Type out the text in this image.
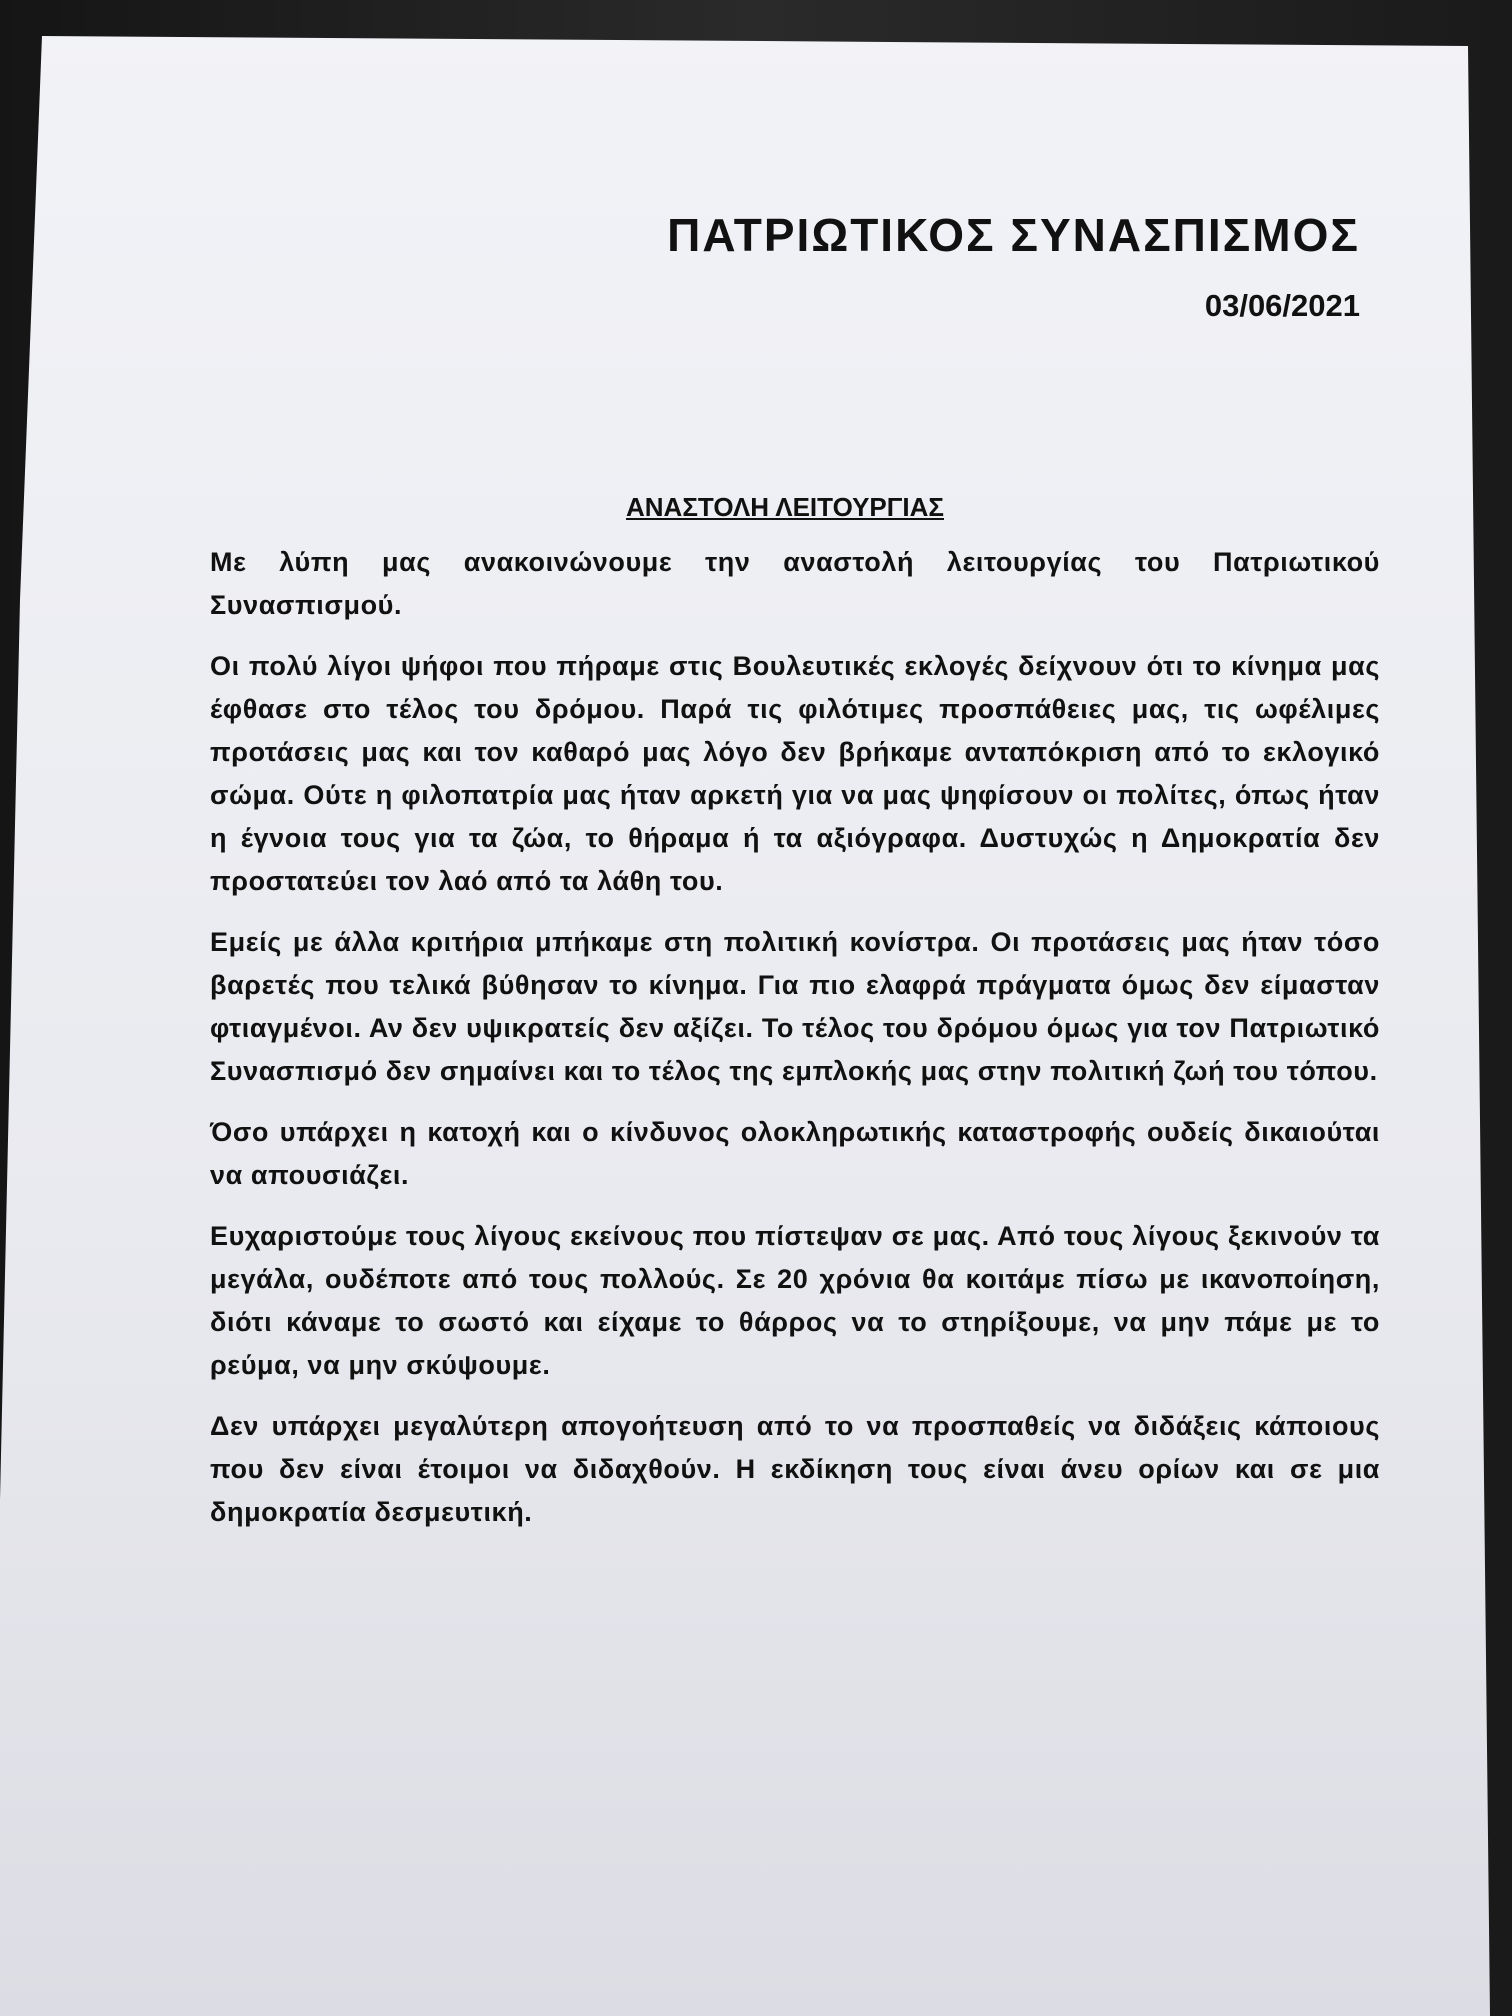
ΠΑΤΡΙΩΤΙΚΟΣ ΣΥΝΑΣΠΙΣΜΟΣ
03/06/2021
ΑΝΑΣΤΟΛΗ ΛΕΙΤΟΥΡΓΙΑΣ

Με λύπη μας ανακοινώνουμε την αναστολή λειτουργίας του Πατριωτικού Συνασπισμού.

Οι πολύ λίγοι ψήφοι που πήραμε στις Βουλευτικές εκλογές δείχνουν ότι το κίνημα μας έφθασε στο τέλος του δρόμου. Παρά τις φιλότιμες προσπάθειες μας, τις ωφέλιμες προτάσεις μας και τον καθαρό μας λόγο δεν βρήκαμε ανταπόκριση από το εκλογικό σώμα. Ούτε η φιλοπατρία μας ήταν αρκετή για να μας ψηφίσουν οι πολίτες, όπως ήταν η έγνοια τους για τα ζώα, το θήραμα ή τα αξιόγραφα. Δυστυχώς η Δημοκρατία δεν προστατεύει τον λαό από τα λάθη του.

Εμείς με άλλα κριτήρια μπήκαμε στη πολιτική κονίστρα. Οι προτάσεις μας ήταν τόσο βαρετές που τελικά βύθησαν το κίνημα. Για πιο ελαφρά πράγματα όμως δεν είμασταν φτιαγμένοι. Αν δεν υψικρατείς δεν αξίζει. Το τέλος του δρόμου όμως για τον Πατριωτικό Συνασπισμό δεν σημαίνει και το τέλος της εμπλοκής μας στην πολιτική ζωή του τόπου.

Όσο υπάρχει η κατοχή και ο κίνδυνος ολοκληρωτικής καταστροφής ουδείς δικαιούται να απουσιάζει.

Ευχαριστούμε τους λίγους εκείνους που πίστεψαν σε μας. Από τους λίγους ξεκινούν τα μεγάλα, ουδέποτε από τους πολλούς. Σε 20 χρόνια θα κοιτάμε πίσω με ικανοποίηση, διότι κάναμε το σωστό και είχαμε το θάρρος να το στηρίξουμε, να μην πάμε με το ρεύμα, να μην σκύψουμε.

Δεν υπάρχει μεγαλύτερη απογοήτευση από το να προσπαθείς να διδάξεις κάποιους που δεν είναι έτοιμοι να διδαχθούν. Η εκδίκηση τους είναι άνευ ορίων και σε μια δημοκρατία δεσμευτική.
